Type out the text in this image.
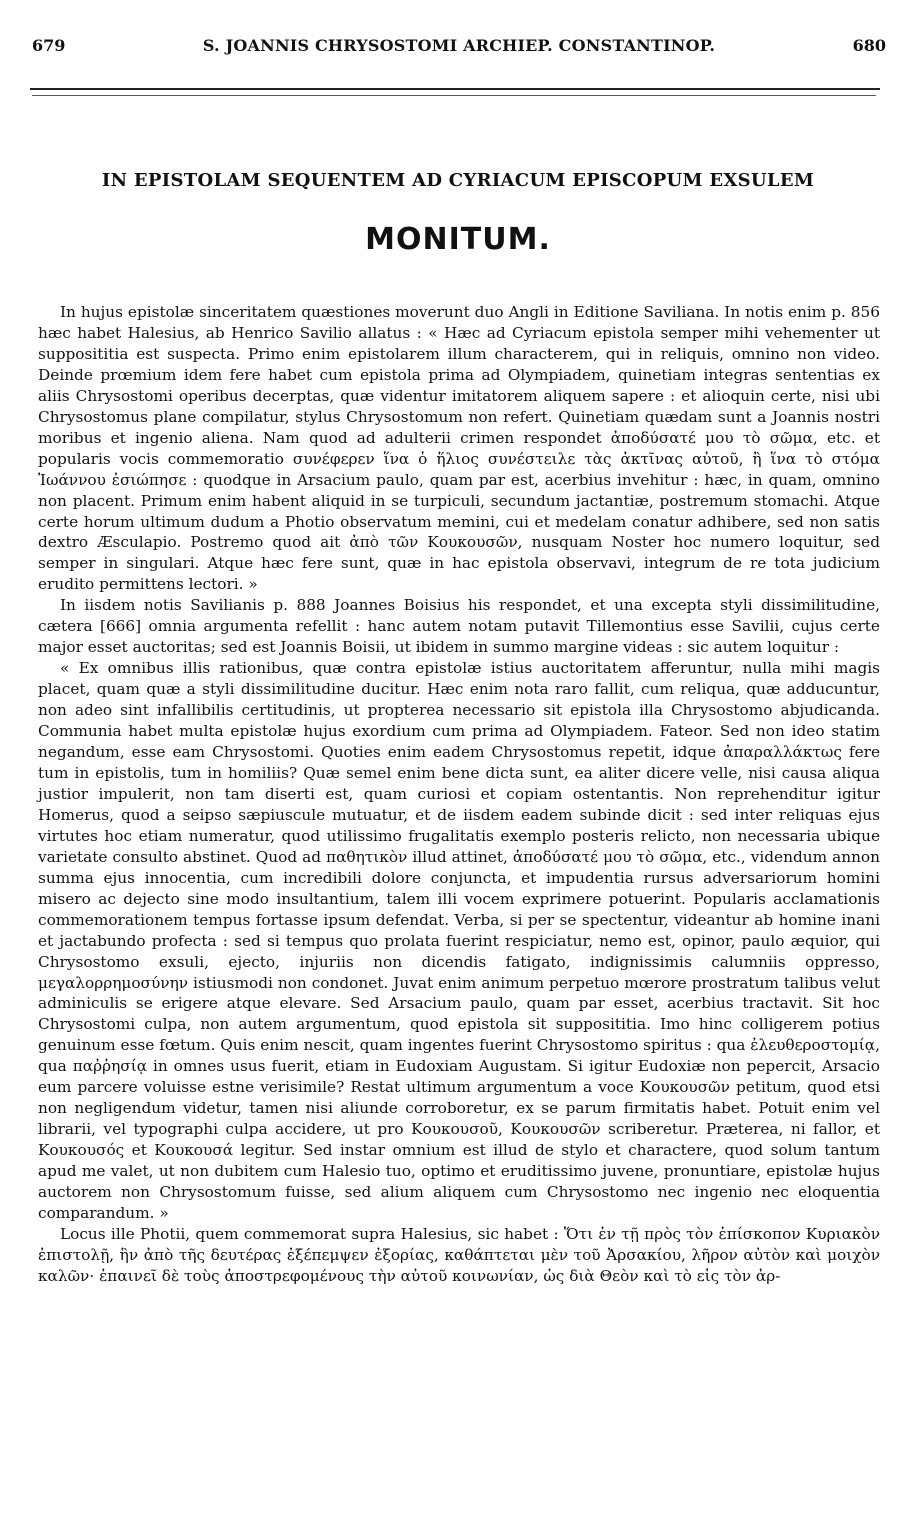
679	S. JOANNIS CHRYSOSTOMI ARCHIEP. CONSTANTINOP.	680
IN EPISTOLAM SEQUENTEM AD CYRIACUM EPISCOPUM EXSULEM
MONITUM.

In hujus epistolæ sinceritatem quæstiones moverunt duo Angli in Editione Saviliana. In notis enim p. 856 hæc habet Halesius, ab Henrico Savilio allatus : « Hæc ad Cyriacum epistola semper mihi vehementer ut supposititia est suspecta. Primo enim epistolarem illum characterem, qui in reliquis, omnino non video. Deinde prœmium idem fere habet cum epistola prima ad Olympiadem, quinetiam integras sententias ex aliis Chrysostomi operibus decerptas, quæ videntur imitatorem aliquem sapere : et alioquin certe, nisi ubi Chrysostomus plane compilatur, stylus Chrysostomum non refert. Quinetiam quædam sunt a Joannis nostri moribus et ingenio aliena. Nam quod ad adulterii crimen respondet ἀποδύσατέ μου τὸ σῶμα, etc. et popularis vocis commemoratio συνέφερεν ἵνα ὁ ἥλιος συνέστειλε τὰς ἀκτῖνας αὐτοῦ, ἢ ἵνα τὸ στόμα Ἰωάννου ἐσιώπησε : quodque in Arsacium paulo, quam par est, acerbius invehitur : hæc, in quam, omnino non placent. Primum enim habent aliquid in se turpiculi, secundum jactantiæ, postremum stomachi. Atque certe horum ultimum dudum a Photio observatum memini, cui et medelam conatur adhibere, sed non satis dextro Æsculapio. Postremo quod ait ἀπὸ τῶν Κουκουσῶν, nusquam Noster hoc numero loquitur, sed semper in singulari. Atque hæc fere sunt, quæ in hac epistola observavi, integrum de re tota judicium erudito permittens lectori. »

In iisdem notis Savilianis p. 888 Joannes Boisius his respondet, et una excepta styli dissimilitudine, cætera [666] omnia argumenta refellit : hanc autem notam putavit Tillemontius esse Savilii, cujus certe major esset auctoritas; sed est Joannis Boisii, ut ibidem in summo margine videas : sic autem loquitur :

« Ex omnibus illis rationibus, quæ contra epistolæ istius auctoritatem afferuntur, nulla mihi magis placet, quam quæ a styli dissimilitudine ducitur. Hæc enim nota raro fallit, cum reliqua, quæ adducuntur, non adeo sint infallibilis certitudinis, ut propterea necessario sit epistola illa Chrysostomo abjudicanda. Communia habet multa epistolæ hujus exordium cum prima ad Olympiadem. Fateor. Sed non ideo statim negandum, esse eam Chrysostomi. Quoties enim eadem Chrysostomus repetit, idque ἀπαραλλάκτως fere tum in epistolis, tum in homiliis? Quæ semel enim bene dicta sunt, ea aliter dicere velle, nisi causa aliqua justior impulerit, non tam diserti est, quam curiosi et copiam ostentantis. Non reprehenditur igitur Homerus, quod a seipso sæpiuscule mutuatur, et de iisdem eadem subinde dicit : sed inter reliquas ejus virtutes hoc etiam numeratur, quod utilissimo frugalitatis exemplo posteris relicto, non necessaria ubique varietate consulto abstinet. Quod ad παθητικὸν illud attinet, ἀποδύσατέ μου τὸ σῶμα, etc., videndum annon summa ejus innocentia, cum incredibili dolore conjuncta, et impudentia rursus adversariorum homini misero ac dejecto sine modo insultantium, talem illi vocem exprimere potuerint. Popularis acclamationis commemorationem tempus fortasse ipsum defendat. Verba, si per se spectentur, videantur ab homine inani et jactabundo profecta : sed si tempus quo prolata fuerint respiciatur, nemo est, opinor, paulo æquior, qui Chrysostomo exsuli, ejecto, injuriis non dicendis fatigato, indignissimis calumniis oppresso, μεγαλορρημοσύνην istiusmodi non condonet. Juvat enim animum perpetuo mœrore prostratum talibus velut adminiculis se erigere atque elevare. Sed Arsacium paulo, quam par esset, acerbius tractavit. Sit hoc Chrysostomi culpa, non autem argumentum, quod epistola sit supposititia. Imo hinc colligerem potius genuinum esse fœtum. Quis enim nescit, quam ingentes fuerint Chrysostomo spiritus : qua ἐλευθεροστομίᾳ, qua παῤῥησίᾳ in omnes usus fuerit, etiam in Eudoxiam Augustam. Si igitur Eudoxiæ non pepercit, Arsacio eum parcere voluisse estne verisimile? Restat ultimum argumentum a voce Κουκουσῶν petitum, quod etsi non negligendum videtur, tamen nisi aliunde corroboretur, ex se parum firmitatis habet. Potuit enim vel librarii, vel typographi culpa accidere, ut pro Κουκουσοῦ, Κουκουσῶν scriberetur. Præterea, ni fallor, et Κουκουσός et Κουκουσά legitur. Sed instar omnium est illud de stylo et charactere, quod solum tantum apud me valet, ut non dubitem cum Halesio tuo, optimo et eruditissimo juvene, pronuntiare, epistolæ hujus auctorem non Chrysostomum fuisse, sed alium aliquem cum Chrysostomo nec ingenio nec eloquentia comparandum. »

Locus ille Photii, quem commemorat supra Halesius, sic habet : Ὅτι ἐν τῇ πρὸς τὸν ἐπίσκοπον Κυριακὸν ἐπιστολῇ, ἣν ἀπὸ τῆς δευτέρας ἐξέπεμψεν ἐξορίας, καθάπτεται μὲν τοῦ Ἀρσακίου, λῆρον αὐτὸν καὶ μοιχὸν καλῶν· ἐπαινεῖ δὲ τοὺς ἀποστρεφομένους τὴν αὐτοῦ κοινωνίαν, ὡς διὰ Θεὸν καὶ τὸ εἰς τὸν ἀρ-
